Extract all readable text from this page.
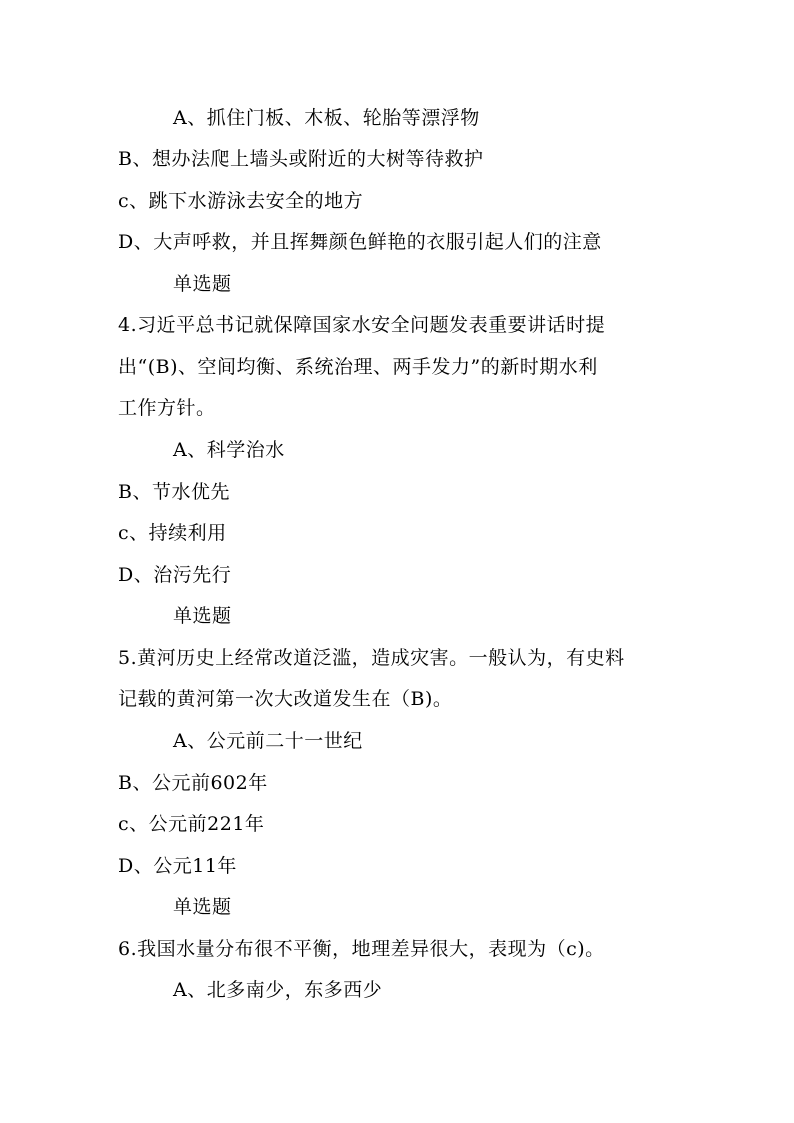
A、抓住门板、木板、轮胎等漂浮物
B、想办法爬上墙头或附近的大树等待救护
c、跳下水游泳去安全的地方
D、大声呼救，并且挥舞颜色鲜艳的衣服引起人们的注意
单选题
4.习近平总书记就保障国家水安全问题发表重要讲话时提
出“(B)、空间均衡、系统治理、两手发力”的新时期水利
工作方针。
A、科学治水
B、节水优先
c、持续利用
D、治污先行
单选题
5.黄河历史上经常改道泛滥，造成灾害。一般认为，有史料
记载的黄河第一次大改道发生在（B)。
A、公元前二十一世纪
B、公元前602年
c、公元前221年
D、公元11年
单选题
6.我国水量分布很不平衡，地理差异很大，表现为（c)。
A、北多南少，东多西少
